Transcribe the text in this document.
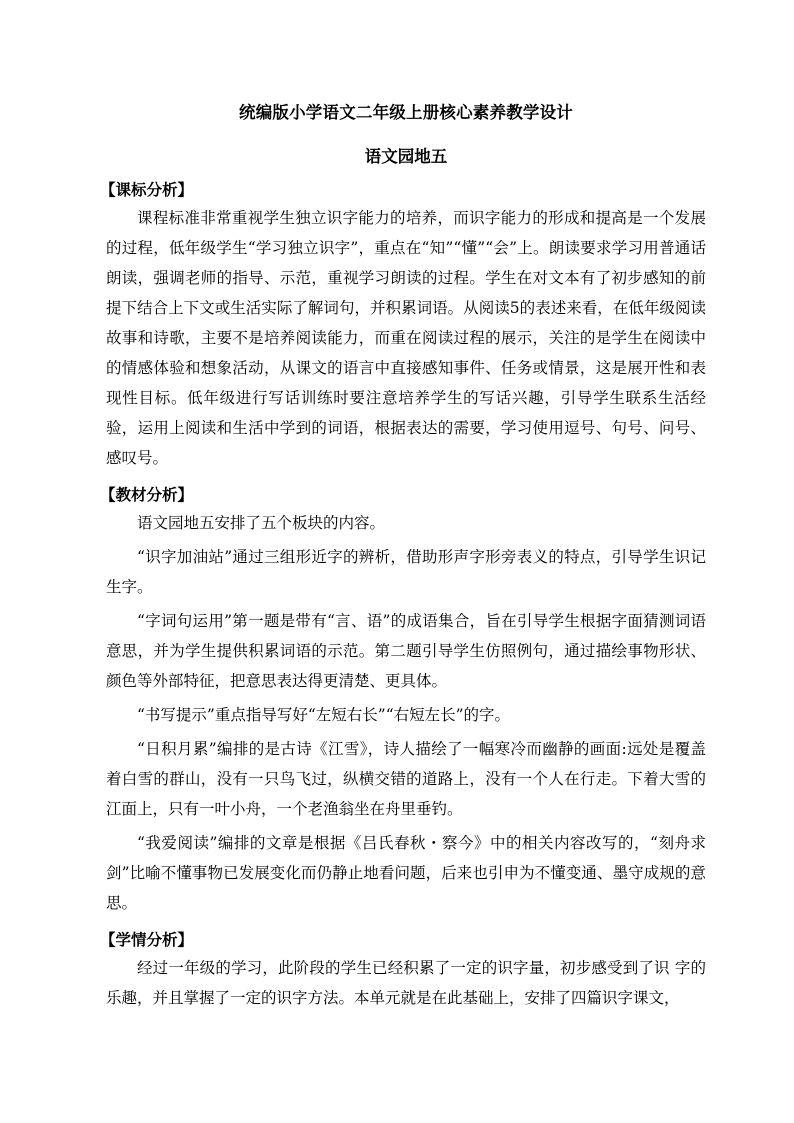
统编版小学语文二年级上册核心素养教学设计
语文园地五
【课标分析】

课程标准非常重视学生独立识字能力的培养，而识字能力的形成和提高是一个发展的过程，低年级学生“学习独立识字”，重点在“知”“懂”“会”上。朗读要求学习用普通话朗读，强调老师的指导、示范，重视学习朗读的过程。学生在对文本有了初步感知的前提下结合上下文或生活实际了解词句，并积累词语。从阅读5的表述来看，在低年级阅读故事和诗歌，主要不是培养阅读能力，而重在阅读过程的展示，关注的是学生在阅读中的情感体验和想象活动，从课文的语言中直接感知事件、任务或情景，这是展开性和表现性目标。低年级进行写话训练时要注意培养学生的写话兴趣，引导学生联系生活经验，运用上阅读和生活中学到的词语，根据表达的需要，学习使用逗号、句号、问号、感叹号。

【教材分析】

语文园地五安排了五个板块的内容。

“识字加油站”通过三组形近字的辨析，借助形声字形旁表义的特点，引导学生识记生字。

“字词句运用”第一题是带有“言、语”的成语集合，旨在引导学生根据字面猜测词语意思，并为学生提供积累词语的示范。第二题引导学生仿照例句，通过描绘事物形状、颜色等外部特征，把意思表达得更清楚、更具体。

“书写提示”重点指导写好“左短右长”“右短左长”的字。

“日积月累”编排的是古诗《江雪》，诗人描绘了一幅寒冷而幽静的画面:远处是覆盖着白雪的群山，没有一只鸟飞过，纵横交错的道路上，没有一个人在行走。下着大雪的江面上，只有一叶小舟，一个老渔翁坐在舟里垂钓。

“我爱阅读”编排的文章是根据《吕氏春秋・察今》中的相关内容改写的，“刻舟求剑”比喻不懂事物已发展变化而仍静止地看问题，后来也引申为不懂变通、墨守成规的意思。

【学情分析】

经过一年级的学习，此阶段的学生已经积累了一定的识字量，初步感受到了识 字的乐趣，并且掌握了一定的识字方法。本单元就是在此基础上，安排了四篇识字课文，
